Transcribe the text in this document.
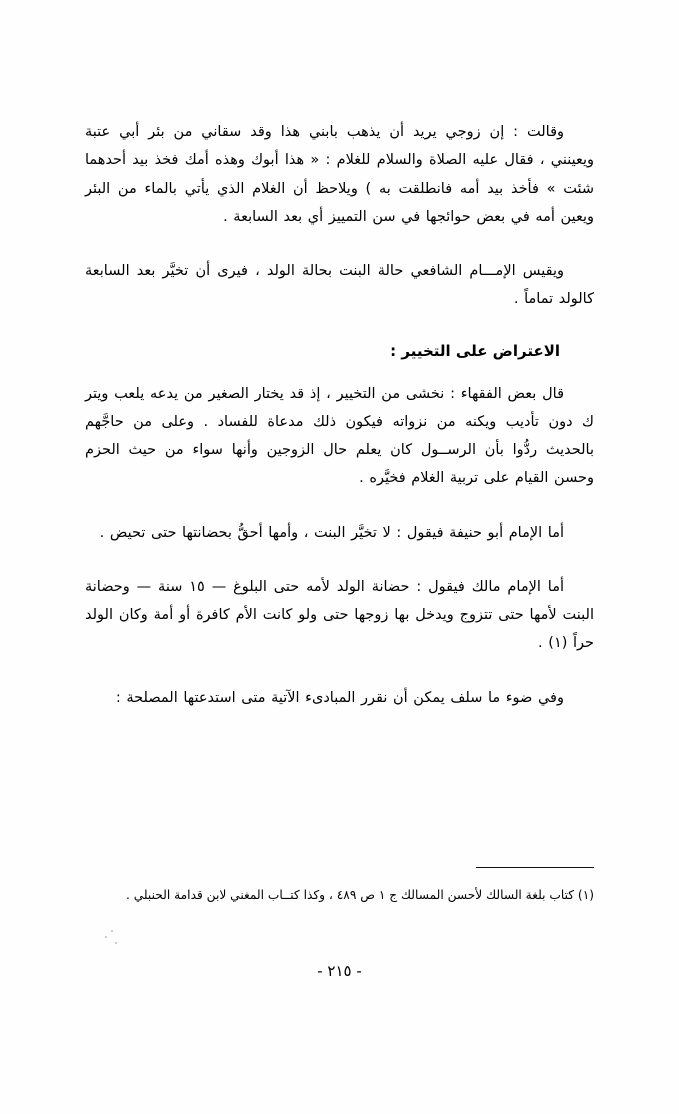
وقالت : إن زوجي يريد أن يذهب بابني هذا وقد سقاني من بئر أبي عتبة ويعينني ، فقال عليه الصلاة والسلام للغلام : « هذا أبوك وهذه أمك فخذ بيد أحدهما شئت » فأخذ بيد أمه فانطلقت به ) ويلاحظ أن الغلام الذي يأتي بالماء من البئر ويعين أمه في بعض حوائجها في سن التمييز أي بعد السابعة .

ويقيس الإمـــام الشافعي حالة البنت بحالة الولد ، فيرى أن تخيَّر بعد السابعة كالولد تماماً .

الاعتراض على التخيير :

قال بعض الفقهاء : نخشى من التخيير ، إذ قد يختار الصغير من يدعه يلعب ويتر ك دون تأديب ويكنه من نزواته فيكون ذلك مدعاة للفساد . وعلى من حاجَّهم بالحديث ردُّوا بأن الرســول كان يعلم حال الزوجين وأنها سواء من حيث الحزم وحسن القيام على تربية الغلام فخيَّره .

أما الإمام أبو حنيفة فيقول : لا تخيَّر البنت ، وأمها أحقُّ بحضانتها حتى تحيض .

أما الإمام مالك فيقول : حضانة الولد لأمه حتى البلوغ — ١٥ سنة — وحضانة البنت لأمها حتى تتزوج ويدخل بها زوجها حتى ولو كانت الأم كافرة أو أمة وكان الولد حراً (١) .

وفي ضوء ما سلف يمكن أن نقرر المبادىء الآتية متى استدعتها المصلحة :

(١) كتاب بلغة السالك لأحسن المسالك ج ١ ص ٤٨٩ ، وكذا كتــاب المغني لابن قدامة الحنبلي .
- ٢١٥ -
